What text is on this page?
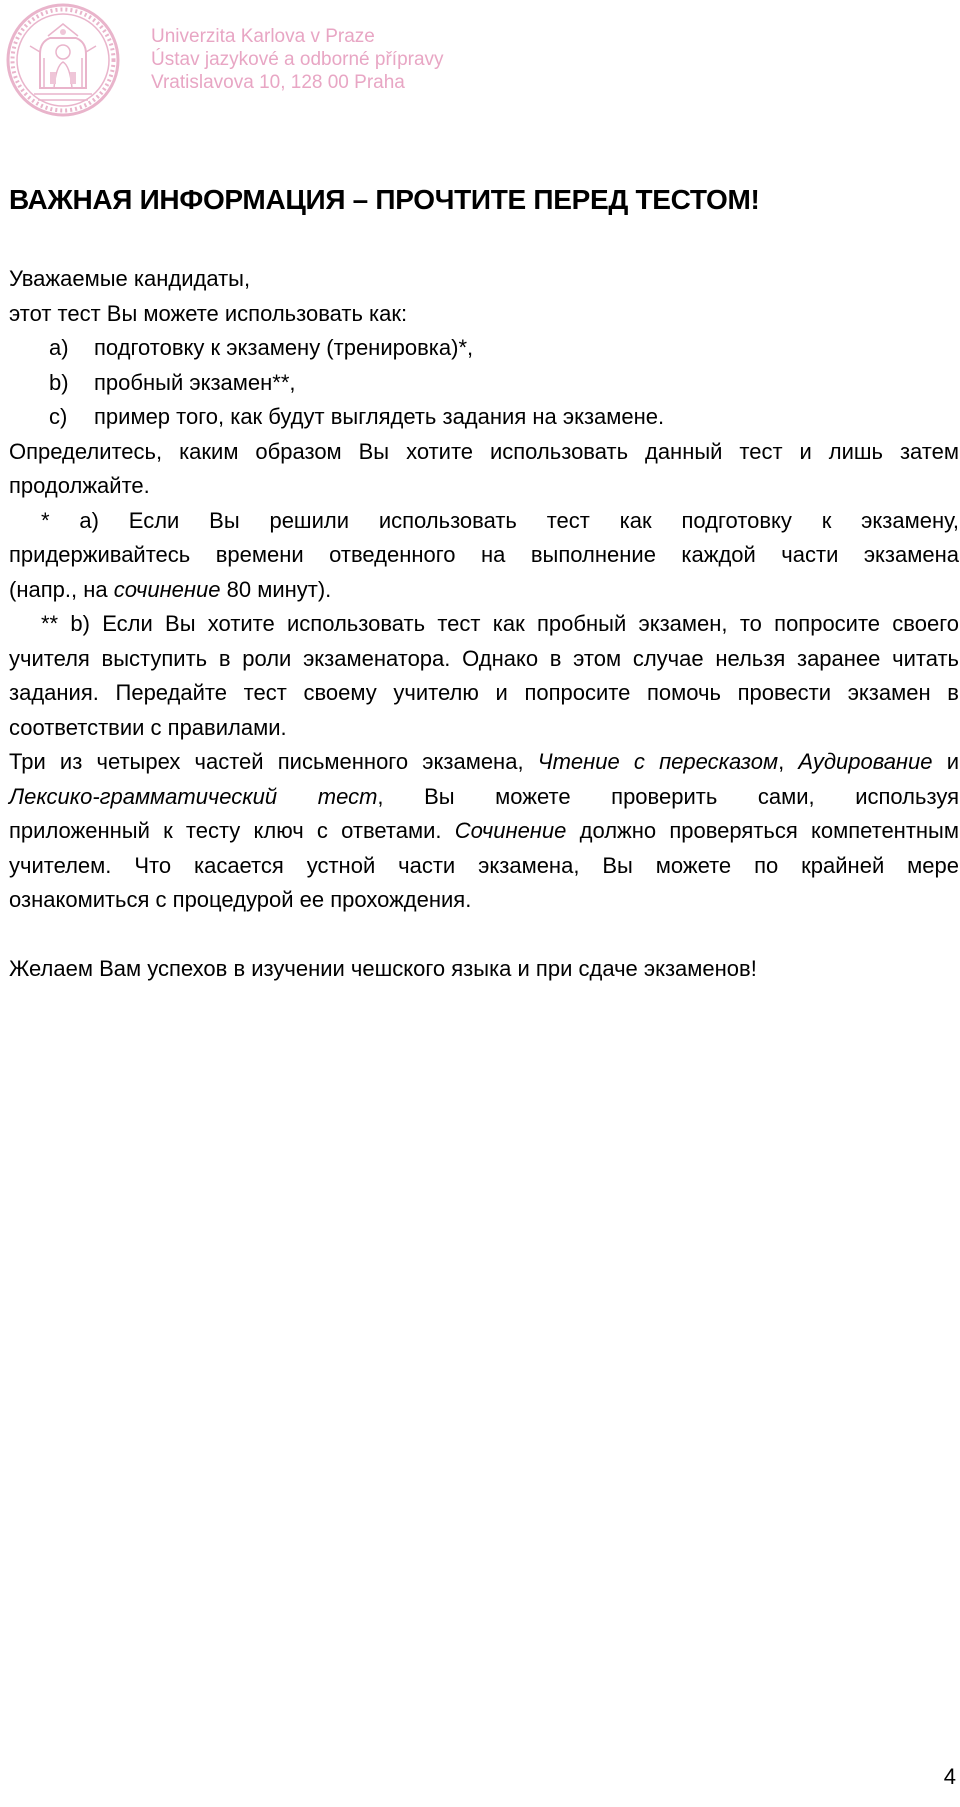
Univerzita Karlova v Praze
Ústav jazykové a odborné přípravy
Vratislavova 10, 128 00 Praha
ВАЖНАЯ ИНФОРМАЦИЯ – ПРОЧТИТЕ ПЕРЕД ТЕСТОМ!
Уважаемые кандидаты,
этот тест Вы можете использовать как:
a) подготовку к экзамену (тренировка)*,
b) пробный экзамен**,
c) пример того, как будут выглядеть задания на экзамене.
Определитесь, каким образом Вы хотите использовать данный тест и лишь затем
продолжайте.
* a) Если Вы решили использовать тест как подготовку к экзамену,
придерживайтесь времени отведенного на выполнение каждой части экзамена
(напр., на сочинение 80 минут).
** b) Если Вы хотите использовать тест как пробный экзамен, то попросите своего
учителя выступить в роли экзаменатора. Однако в этом случае нельзя заранее читать
задания. Передайте тест своему учителю и попросите помочь провести экзамен в
соответствии с правилами.
Три из четырех частей письменного экзамена, Чтение с пересказом, Аудирование и
Лексико-грамматический тест, Вы можете проверить сами, используя
приложенный к тесту ключ с ответами. Сочинение должно проверяться компетентным
учителем. Что касается устной части экзамена, Вы можете по крайней мере
ознакомиться с процедурой ее прохождения.
Желаем Вам успехов в изучении чешского языка и при сдаче экзаменов!
4
